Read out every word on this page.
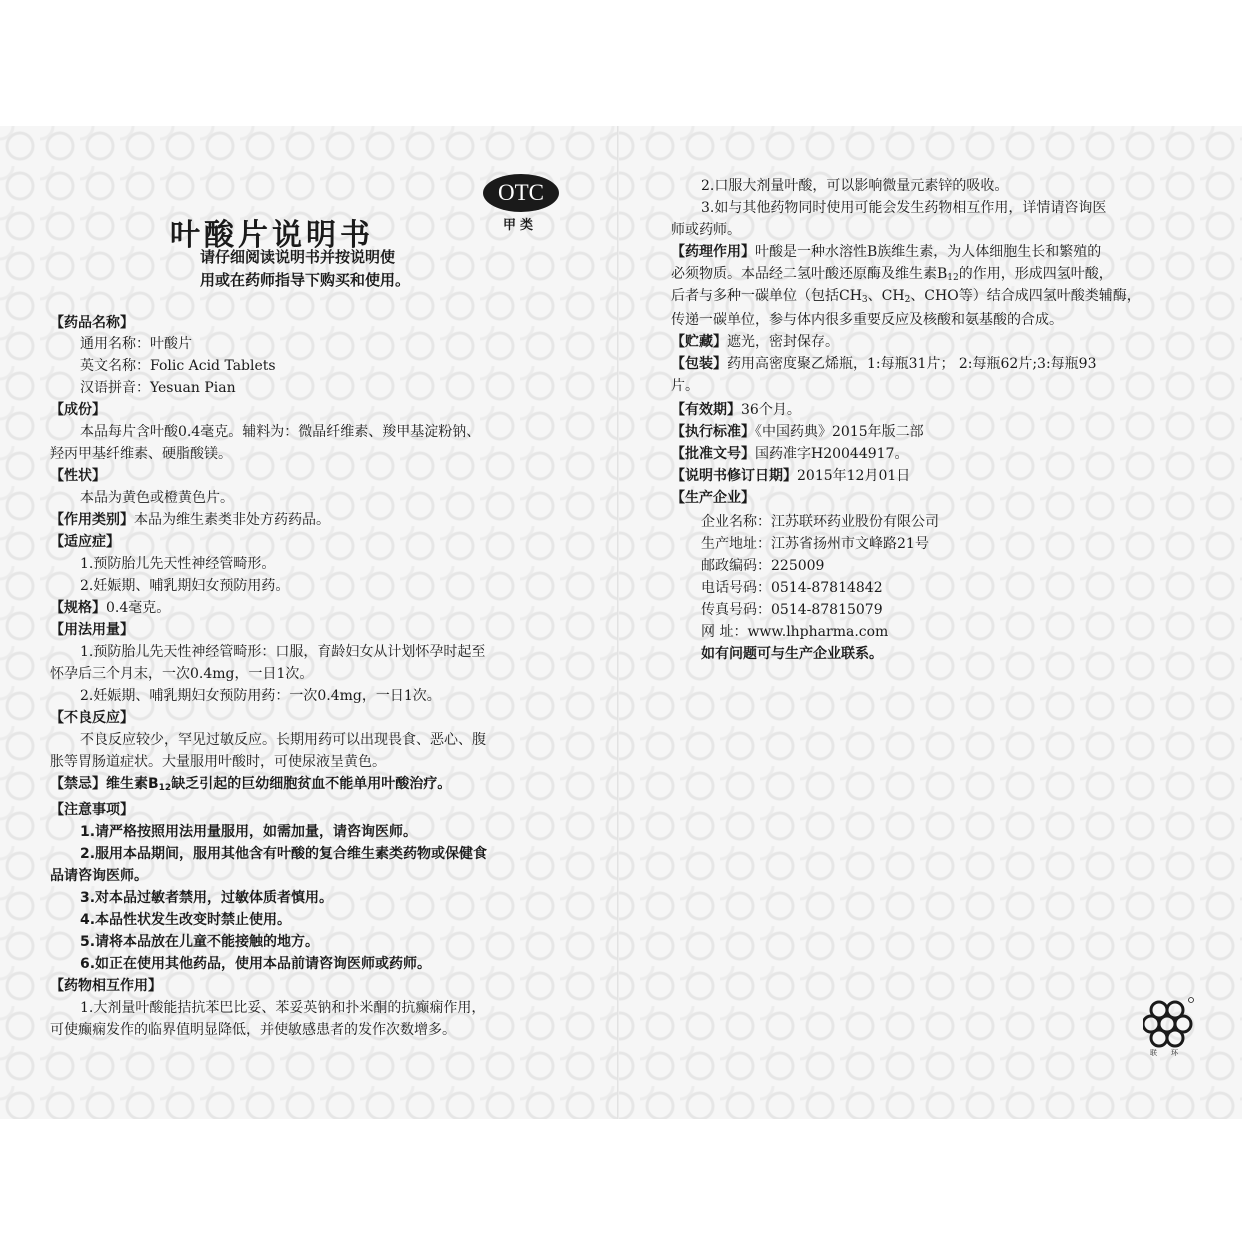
叶酸片说明书
请仔细阅读说明书并按说明使
用或在药师指导下购买和使用。
OTC
甲类
【药品名称】
通用名称：叶酸片
英文名称：Folic Acid Tablets
汉语拼音：Yesuan Pian
【成份】
本品每片含叶酸0.4毫克。辅料为：微晶纤维素、羧甲基淀粉钠、
羟丙甲基纤维素、硬脂酸镁。
【性状】
本品为黄色或橙黄色片。
【作用类别】本品为维生素类非处方药药品。
【适应症】
1.预防胎儿先天性神经管畸形。
2.妊娠期、哺乳期妇女预防用药。
【规格】0.4毫克。
【用法用量】
1.预防胎儿先天性神经管畸形：口服，育龄妇女从计划怀孕时起至
怀孕后三个月末，一次0.4mg，一日1次。
2.妊娠期、哺乳期妇女预防用药：一次0.4mg，一日1次。
【不良反应】
不良反应较少，罕见过敏反应。长期用药可以出现畏食、恶心、腹
胀等胃肠道症状。大量服用叶酸时，可使尿液呈黄色。
【禁忌】维生素$B_{12}$缺乏引起的巨幼细胞贫血不能单用叶酸治疗。
【注意事项】
1.请严格按照用法用量服用，如需加量，请咨询医师。
2.服用本品期间，服用其他含有叶酸的复合维生素类药物或保健食
品请咨询医师。
3.对本品过敏者禁用，过敏体质者慎用。
4.本品性状发生改变时禁止使用。
5.请将本品放在儿童不能接触的地方。
6.如正在使用其他药品，使用本品前请咨询医师或药师。
【药物相互作用】
1.大剂量叶酸能拮抗苯巴比妥、苯妥英钠和扑米酮的抗癫痫作用，
可使癫痫发作的临界值明显降低，并使敏感患者的发作次数增多。
2.口服大剂量叶酸，可以影响微量元素锌的吸收。
3.如与其他药物同时使用可能会发生药物相互作用，详情请咨询医
师或药师。
【药理作用】叶酸是一种水溶性B族维生素，为人体细胞生长和繁殖的
必须物质。本品经二氢叶酸还原酶及维生素$B_{12}$的作用，形成四氢叶酸，
后者与多种一碳单位（包括$CH_3$、$CH_2$、CHO等）结合成四氢叶酸类辅酶，
传递一碳单位，参与体内很多重要反应及核酸和氨基酸的合成。
【贮藏】遮光，密封保存。
【包装】药用高密度聚乙烯瓶，1:每瓶31片； 2:每瓶62片;3:每瓶93
片。
【有效期】36个月。
【执行标准】《中国药典》2015年版二部
【批准文号】国药准字H20044917。
【说明书修订日期】2015年12月01日
【生产企业】
企业名称：江苏联环药业股份有限公司
生产地址：江苏省扬州市文峰路21号
邮政编码：225009
电话号码：0514-87814842
传真号码：0514-87815079
网 址：www.lhpharma.com
如有问题可与生产企业联系。
联环
